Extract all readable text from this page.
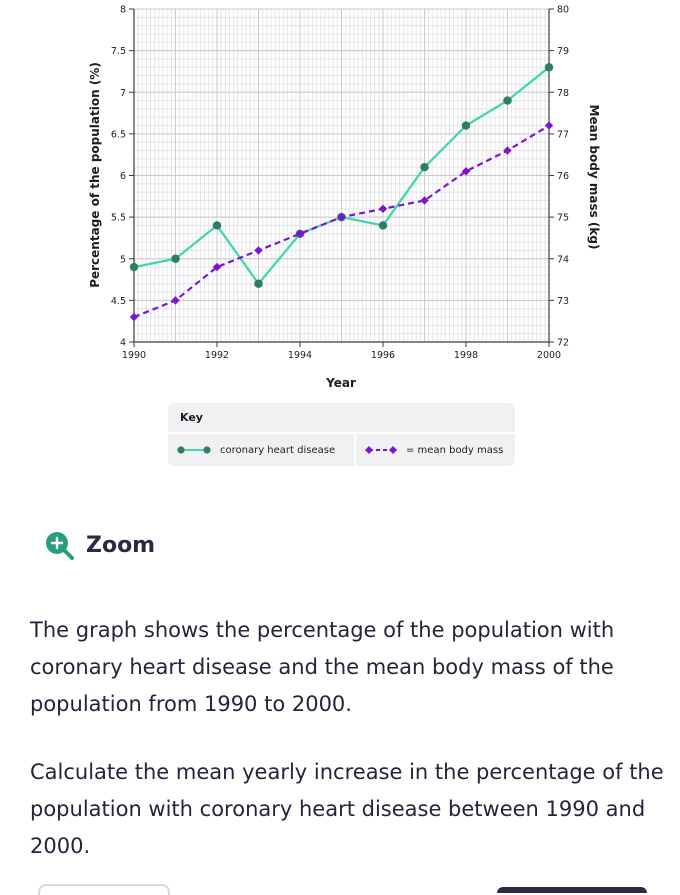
Year
Percentage of the population (%)	Mean body mass (kg)
4
4.5
5
5.5
6
6.5
7
7.5
8
72
73
74
75
76
77
78
79
80
1990	1992	1994	1996	1998	2000
Key
coronary heart disease	= mean body mass
Zoom

The graph shows the percentage of the population with coronary heart disease and the mean body mass of the population from 1990 to 2000.

Calculate the mean yearly increase in the percentage of the population with coronary heart disease between 1990 and 2000.
